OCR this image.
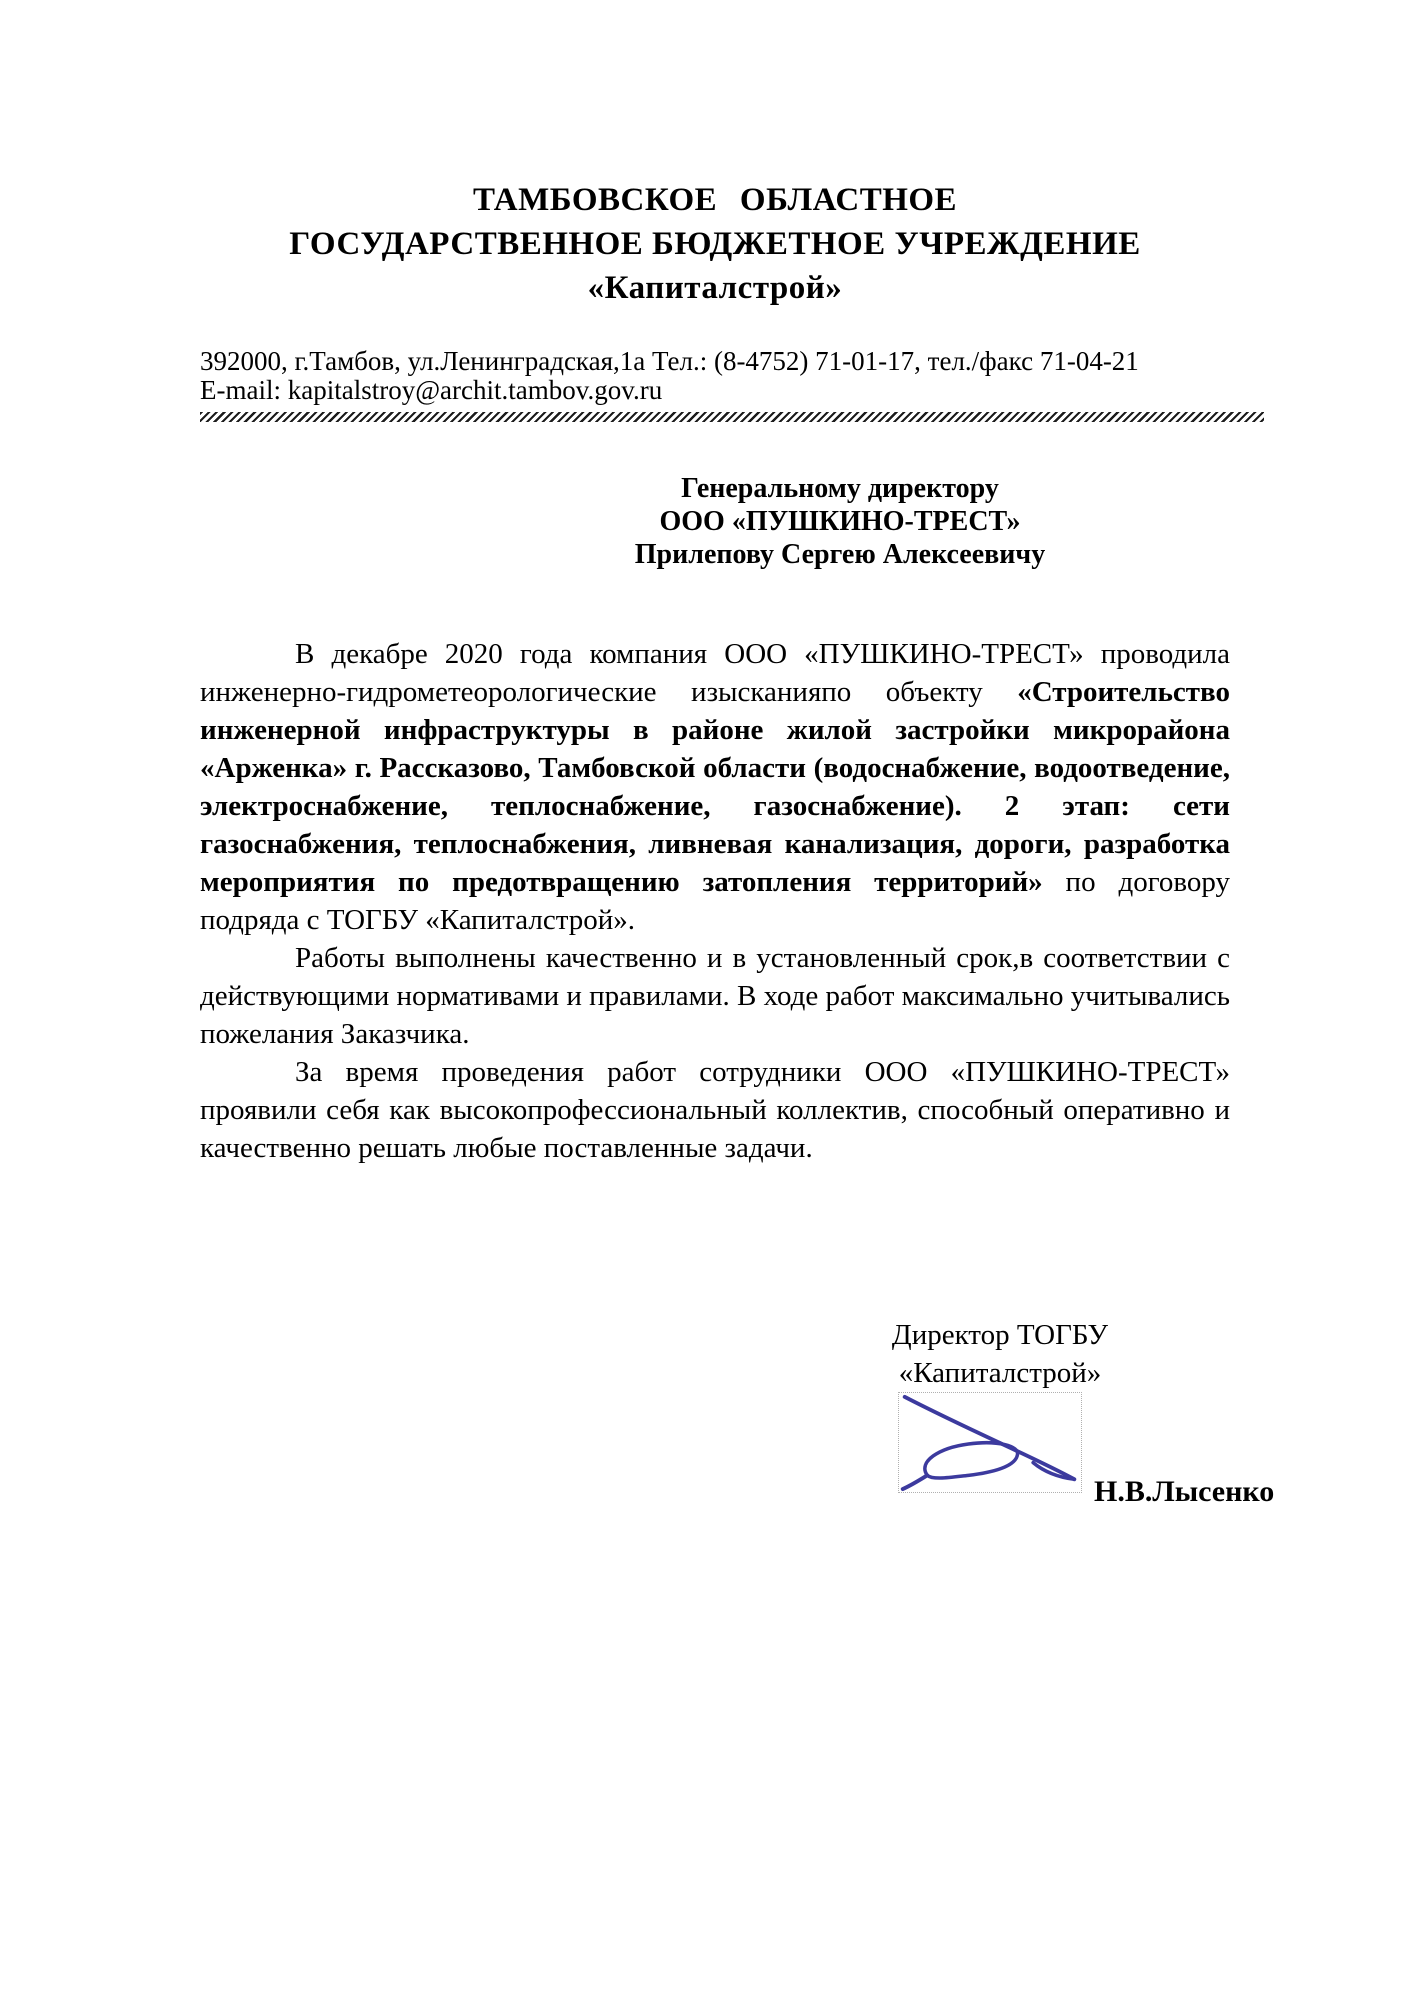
ТАМБОВСКОЕ ОБЛАСТНОЕ
ГОСУДАРСТВЕННОЕ БЮДЖЕТНОЕ УЧРЕЖДЕНИЕ
«Капиталстрой»
392000, г.Тамбов, ул.Ленинградская,1а Тел.: (8-4752) 71-01-17, тел./факс 71-04-21
E-mail: kapitalstroy@archit.tambov.gov.ru
Генеральному директору
ООО «ПУШКИНО-ТРЕСТ»
Прилепову Сергею Алексеевичу

В декабре 2020 года компания ООО «ПУШКИНО-ТРЕСТ» проводила инженерно-гидрометеорологические изысканияпо объекту «Строительство инженерной инфраструктуры в районе жилой застройки микрорайона «Арженка» г. Рассказово, Тамбовской области (водоснабжение, водоотведение, электроснабжение, теплоснабжение, газоснабжение). 2 этап: сети газоснабжения, теплоснабжения, ливневая канализация, дороги, разработка мероприятия по предотвращению затопления территорий» по договору подряда с ТОГБУ «Капиталстрой».

Работы выполнены качественно и в установленный срок,в соответствии с действующими нормативами и правилами. В ходе работ максимально учитывались пожелания Заказчика.

За время проведения работ сотрудники ООО «ПУШКИНО-ТРЕСТ» проявили себя как высокопрофессиональный коллектив, способный оперативно и качественно решать любые поставленные задачи.

Директор ТОГБУ
«Капиталстрой»
Н.В.Лысенко
